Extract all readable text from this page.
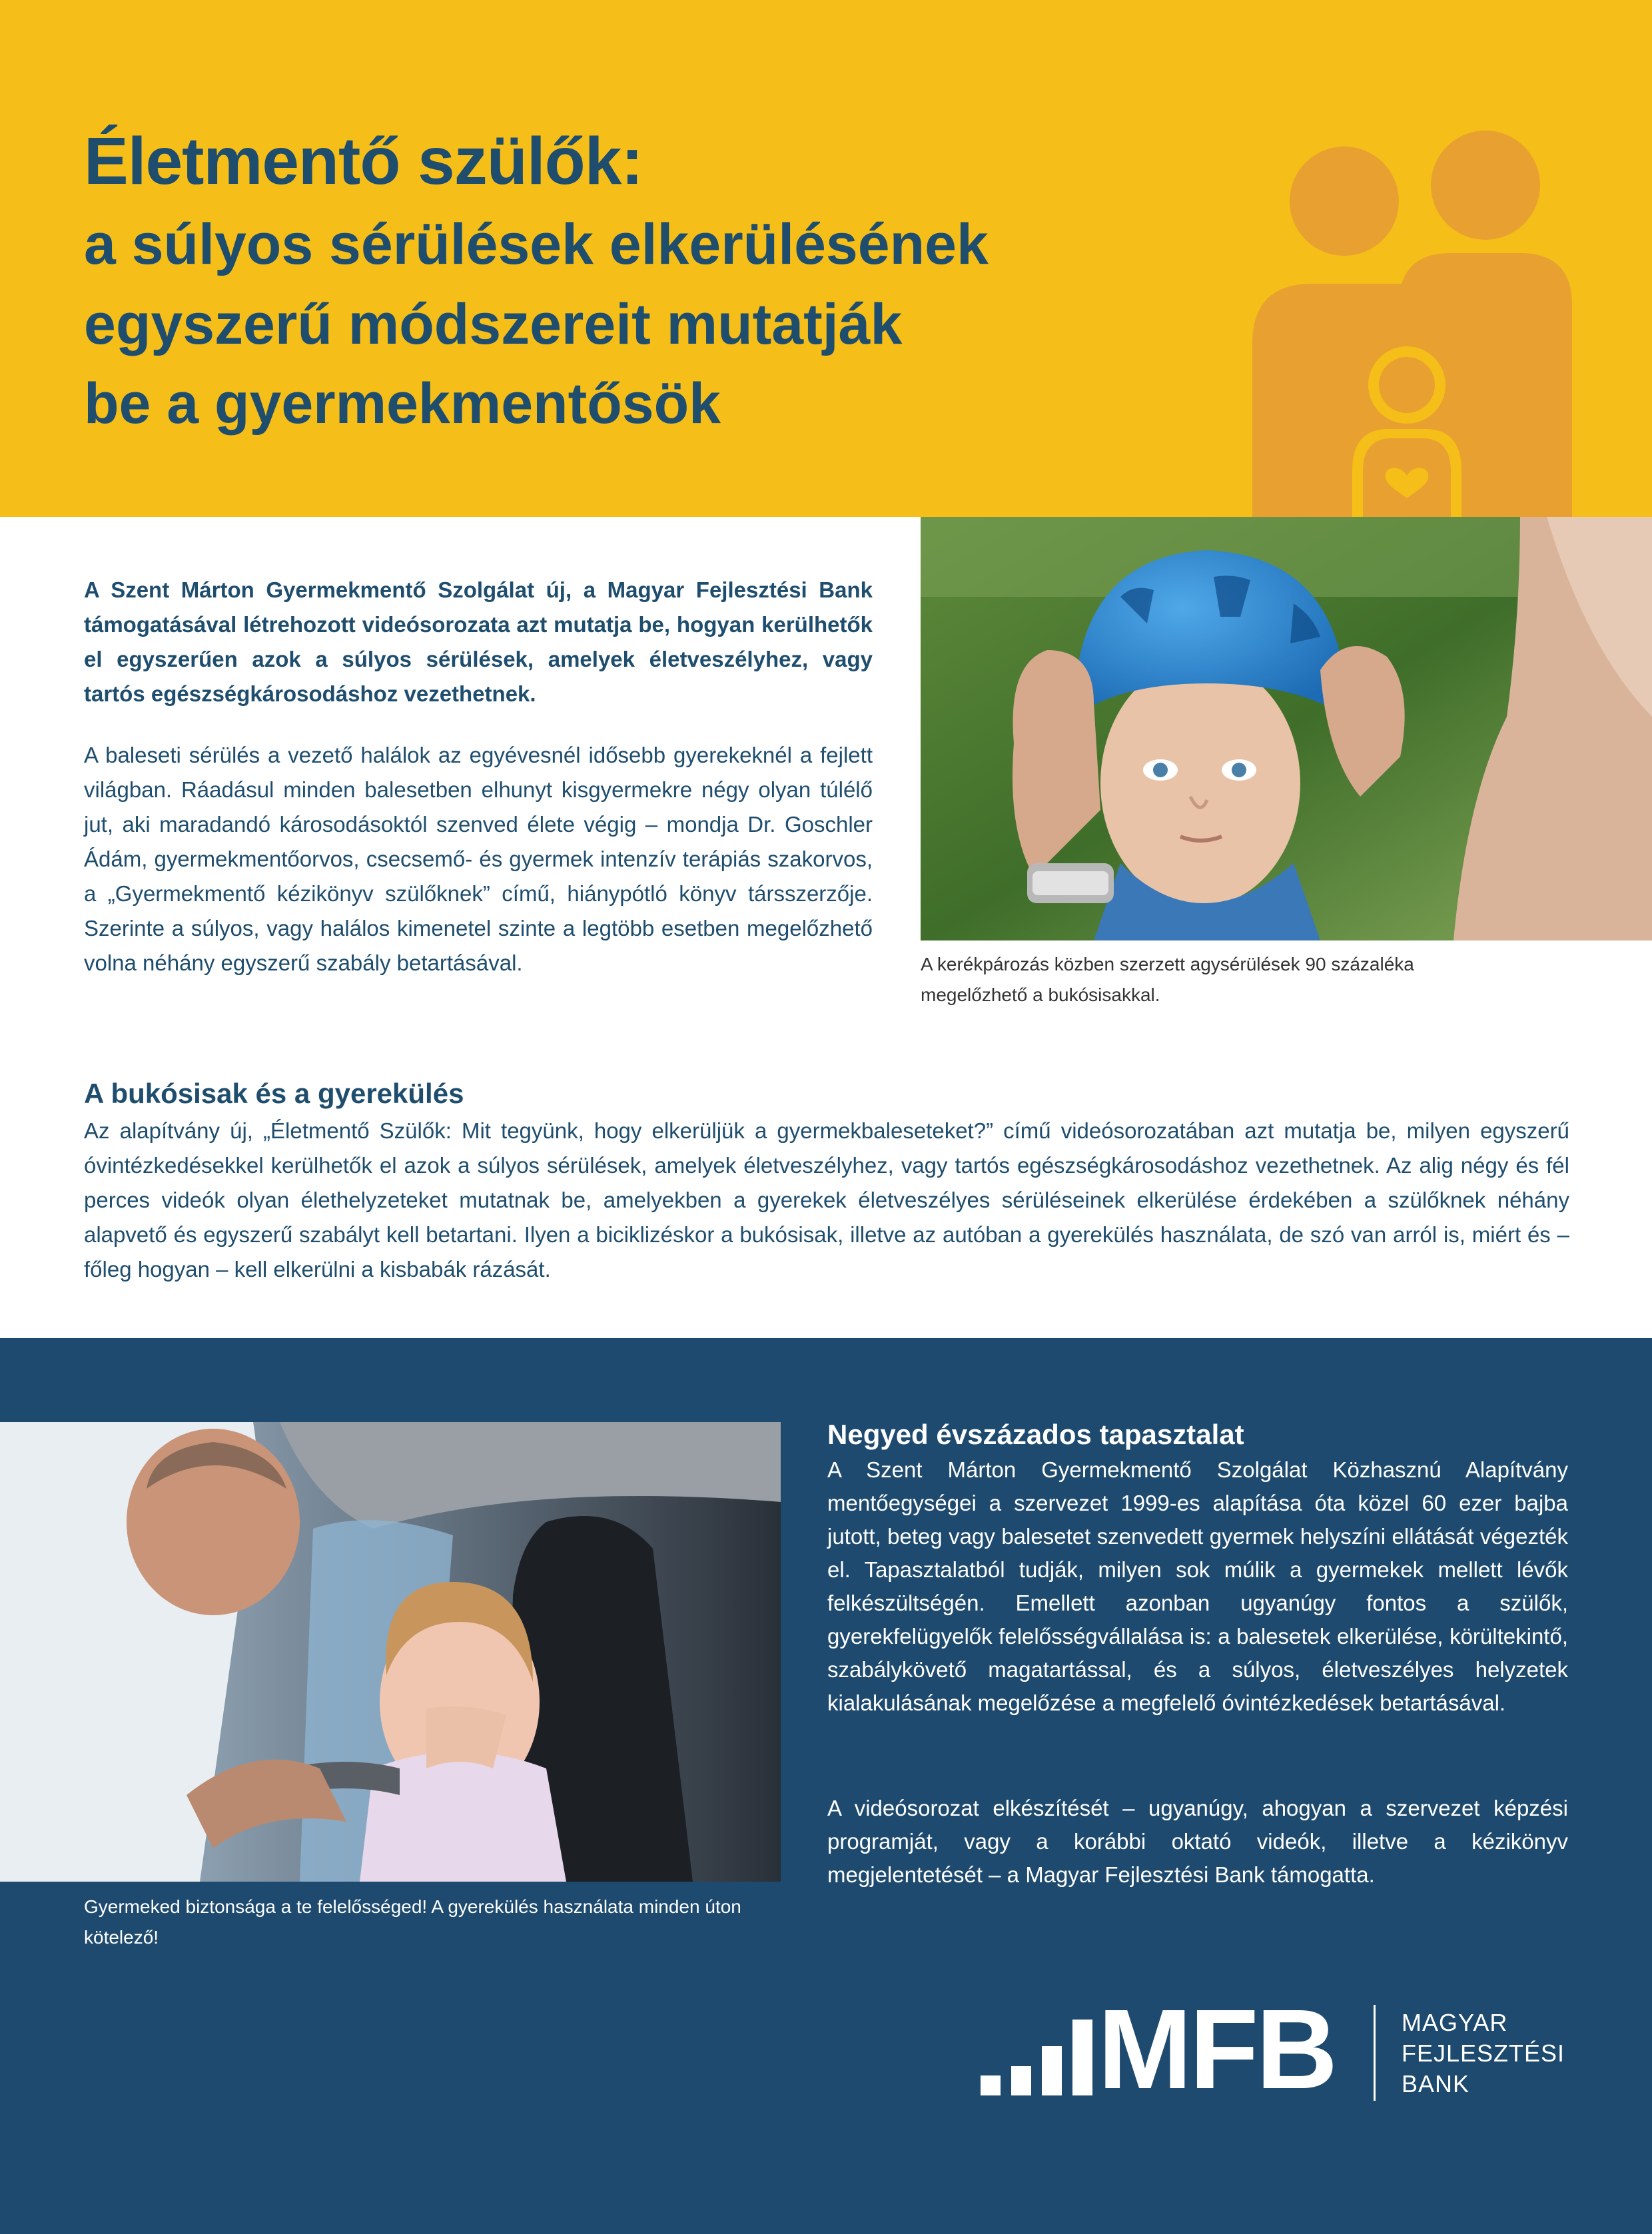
Életmentő szülők:
a súlyos sérülések elkerülésének
egyszerű módszereit mutatják
be a gyermekmentősök

A Szent Márton Gyermekmentő Szolgálat új, a Magyar Fejlesztési Bank támogatásával létrehozott videósorozata azt mutatja be, hogyan kerülhetők el egyszerűen azok a súlyos sérülések, amelyek életveszélyhez, vagy tartós egészségkárosodáshoz vezethetnek.

A baleseti sérülés a vezető halálok az egyévesnél idősebb gyerekeknél a fejlett világban. Ráadásul minden balesetben elhunyt kisgyermekre négy olyan túlélő jut, aki maradandó károsodásoktól szenved élete végig – mondja Dr. Goschler Ádám, gyermekmentőorvos, csecsemő- és gyermek intenzív terápiás szakorvos, a „Gyermekmentő kézikönyv szülőknek” című, hiánypótló könyv társszerzője. Szerinte a súlyos, vagy halálos kimenetel szinte a legtöbb esetben megelőzhető volna néhány egyszerű szabály betartásával.	A kerékpározás közben szerzett agysérülések 90 százaléka megelőzhető a bukósisakkal.

A bukósisak és a gyerekülés

Az alapítvány új, „Életmentő Szülők: Mit tegyünk, hogy elkerüljük a gyermekbaleseteket?” című videósorozatában azt mutatja be, milyen egyszerű óvintézkedésekkel kerülhetők el azok a súlyos sérülések, amelyek életveszélyhez, vagy tartós egészségkárosodáshoz vezethetnek. Az alig négy és fél perces videók olyan élethelyzeteket mutatnak be, amelyekben a gyerekek életveszélyes sérüléseinek elkerülése érdekében a szülőknek néhány alapvető és egyszerű szabályt kell betartani. Ilyen a biciklizéskor a bukósisak, illetve az autóban a gyerekülés használata, de szó van arról is, miért és – főleg hogyan – kell elkerülni a kisbabák rázását.

Gyermeked biztonsága a te felelősséged! A gyerekülés használata minden úton kötelező!

Negyed évszázados tapasztalat

A Szent Márton Gyermekmentő Szolgálat Közhasznú Alapítvány mentőegységei a szervezet 1999-es alapítása óta közel 60 ezer bajba jutott, beteg vagy balesetet szenvedett gyermek helyszíni ellátását végezték el. Tapasztalatból tudják, milyen sok múlik a gyermekek mellett lévők felkészültségén. Emellett azonban ugyanúgy fontos a szülők, gyerekfelügyelők felelősségvállalása is: a balesetek elkerülése, körültekintő, szabálykövető magatartással, és a súlyos, életveszélyes helyzetek kialakulásának megelőzése a megfelelő óvintézkedések betartásával.

A videósorozat elkészítését – ugyanúgy, ahogyan a szervezet képzési programját, vagy a korábbi oktató videók, illetve a kézikönyv megjelentetését – a Magyar Fejlesztési Bank támogatta.

MFB	MAGYAR
FEJLESZTÉSI
BANK
